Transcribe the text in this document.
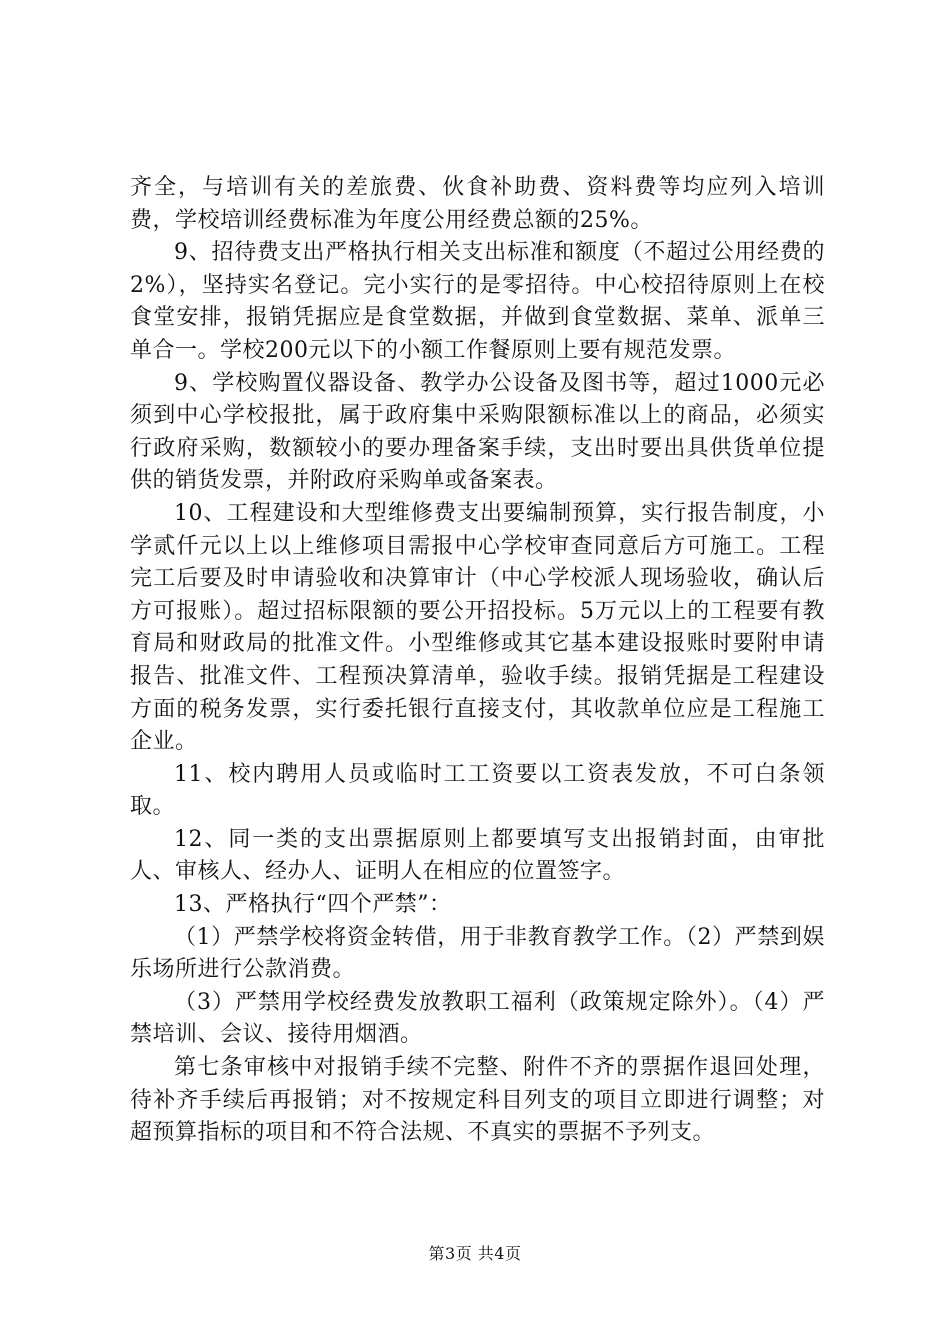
齐全，与培训有关的差旅费、伙食补助费、资料费等均应列入培训费，学校培训经费标准为年度公用经费总额的25%。

9、招待费支出严格执行相关支出标准和额度（不超过公用经费的2%），坚持实名登记。完小实行的是零招待。中心校招待原则上在校食堂安排，报销凭据应是食堂数据，并做到食堂数据、菜单、派单三单合一。学校200元以下的小额工作餐原则上要有规范发票。

9、学校购置仪器设备、教学办公设备及图书等，超过1000元必须到中心学校报批，属于政府集中采购限额标准以上的商品，必须实行政府采购，数额较小的要办理备案手续，支出时要出具供货单位提供的销货发票，并附政府采购单或备案表。

10、工程建设和大型维修费支出要编制预算，实行报告制度，小学贰仟元以上以上维修项目需报中心学校审查同意后方可施工。工程完工后要及时申请验收和决算审计（中心学校派人现场验收，确认后方可报账）。超过招标限额的要公开招投标。5万元以上的工程要有教育局和财政局的批准文件。小型维修或其它基本建设报账时要附申请报告、批准文件、工程预决算清单，验收手续。报销凭据是工程建设方面的税务发票，实行委托银行直接支付，其收款单位应是工程施工企业。

11、校内聘用人员或临时工工资要以工资表发放，不可白条领取。

12、同一类的支出票据原则上都要填写支出报销封面，由审批人、审核人、经办人、证明人在相应的位置签字。

13、严格执行“四个严禁”：

（1）严禁学校将资金转借，用于非教育教学工作。（2）严禁到娱乐场所进行公款消费。

（3）严禁用学校经费发放教职工福利（政策规定除外）。（4）严禁培训、会议、接待用烟酒。

第七条审核中对报销手续不完整、附件不齐的票据作退回处理，待补齐手续后再报销；对不按规定科目列支的项目立即进行调整；对超预算指标的项目和不符合法规、不真实的票据不予列支。

第3页 共4页
